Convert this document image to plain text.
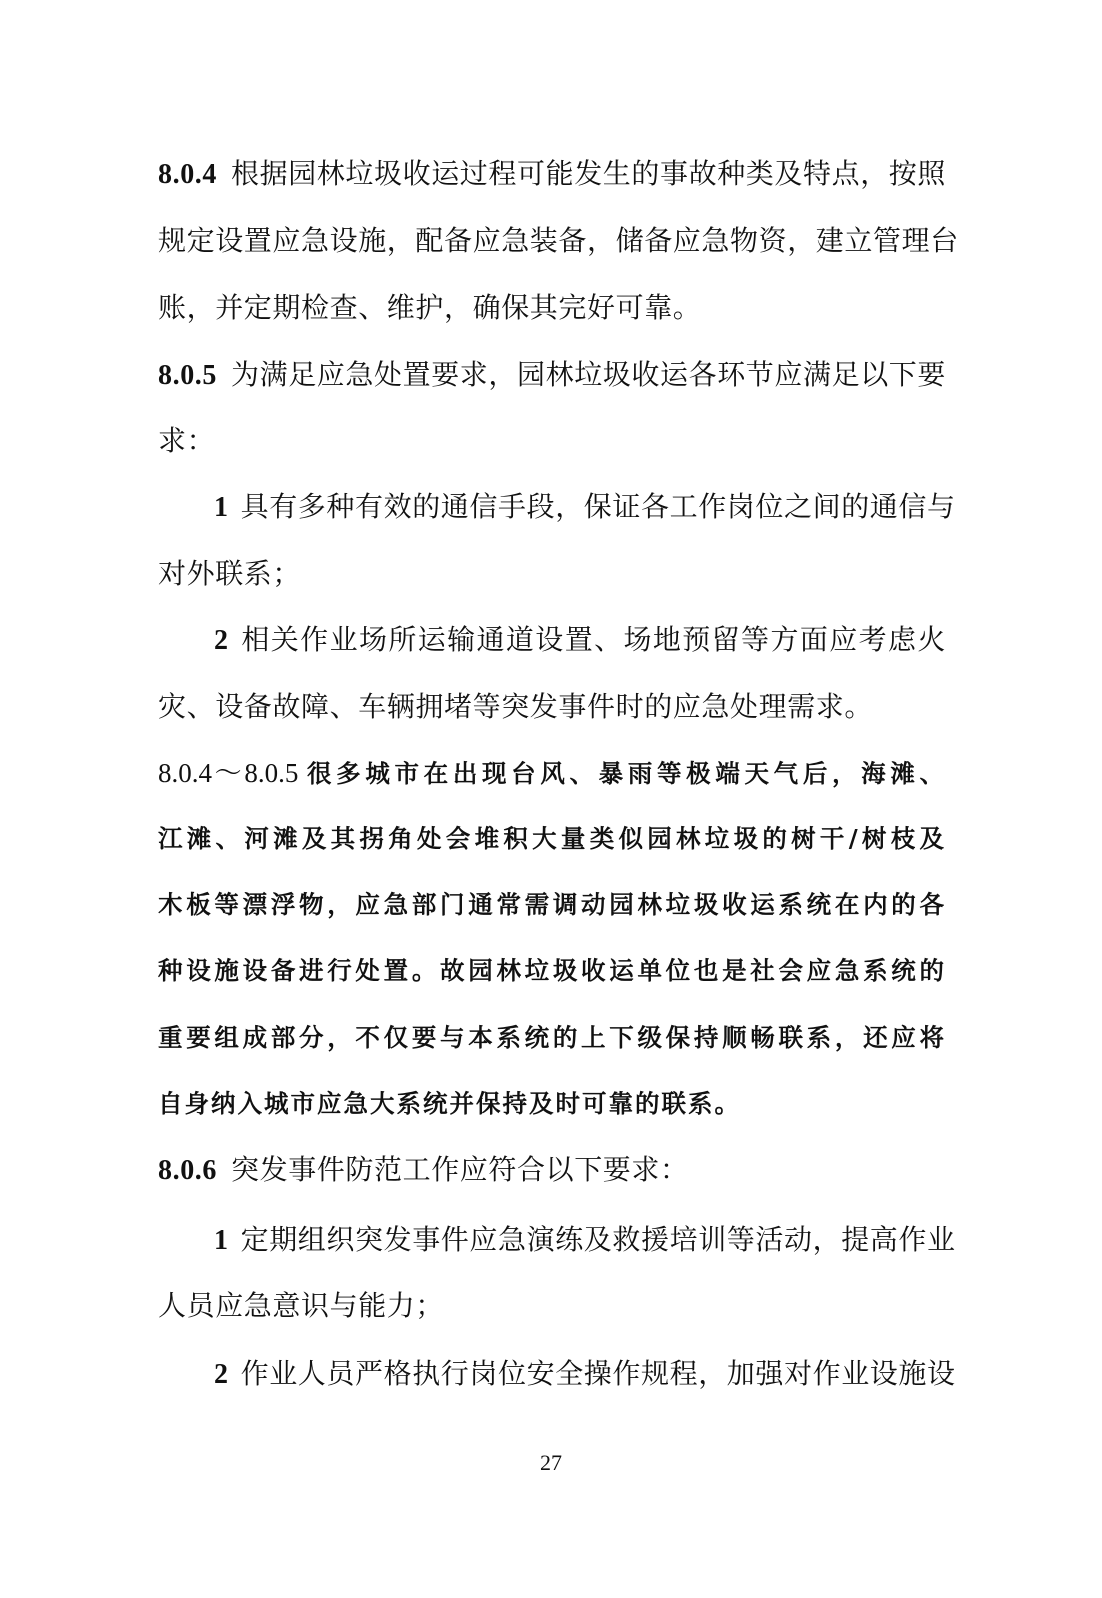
8.0.4 根据园林垃圾收运过程可能发生的事故种类及特点，按照
规定设置应急设施，配备应急装备，储备应急物资，建立管理台
账，并定期检查、维护，确保其完好可靠。
8.0.5 为满足应急处置要求，园林垃圾收运各环节应满足以下要
求：
1 具有多种有效的通信手段，保证各工作岗位之间的通信与
对外联系；
2 相关作业场所运输通道设置、场地预留等方面应考虑火
灾、设备故障、车辆拥堵等突发事件时的应急处理需求。
8.0.4～8.0.5 很多城市在出现台风、暴雨等极端天气后，海滩、
江滩、河滩及其拐角处会堆积大量类似园林垃圾的树干/树枝及
木板等漂浮物，应急部门通常需调动园林垃圾收运系统在内的各
种设施设备进行处置。故园林垃圾收运单位也是社会应急系统的
重要组成部分，不仅要与本系统的上下级保持顺畅联系，还应将
自身纳入城市应急大系统并保持及时可靠的联系。
8.0.6 突发事件防范工作应符合以下要求：
1 定期组织突发事件应急演练及救援培训等活动，提高作业
人员应急意识与能力；
2 作业人员严格执行岗位安全操作规程，加强对作业设施设
27
